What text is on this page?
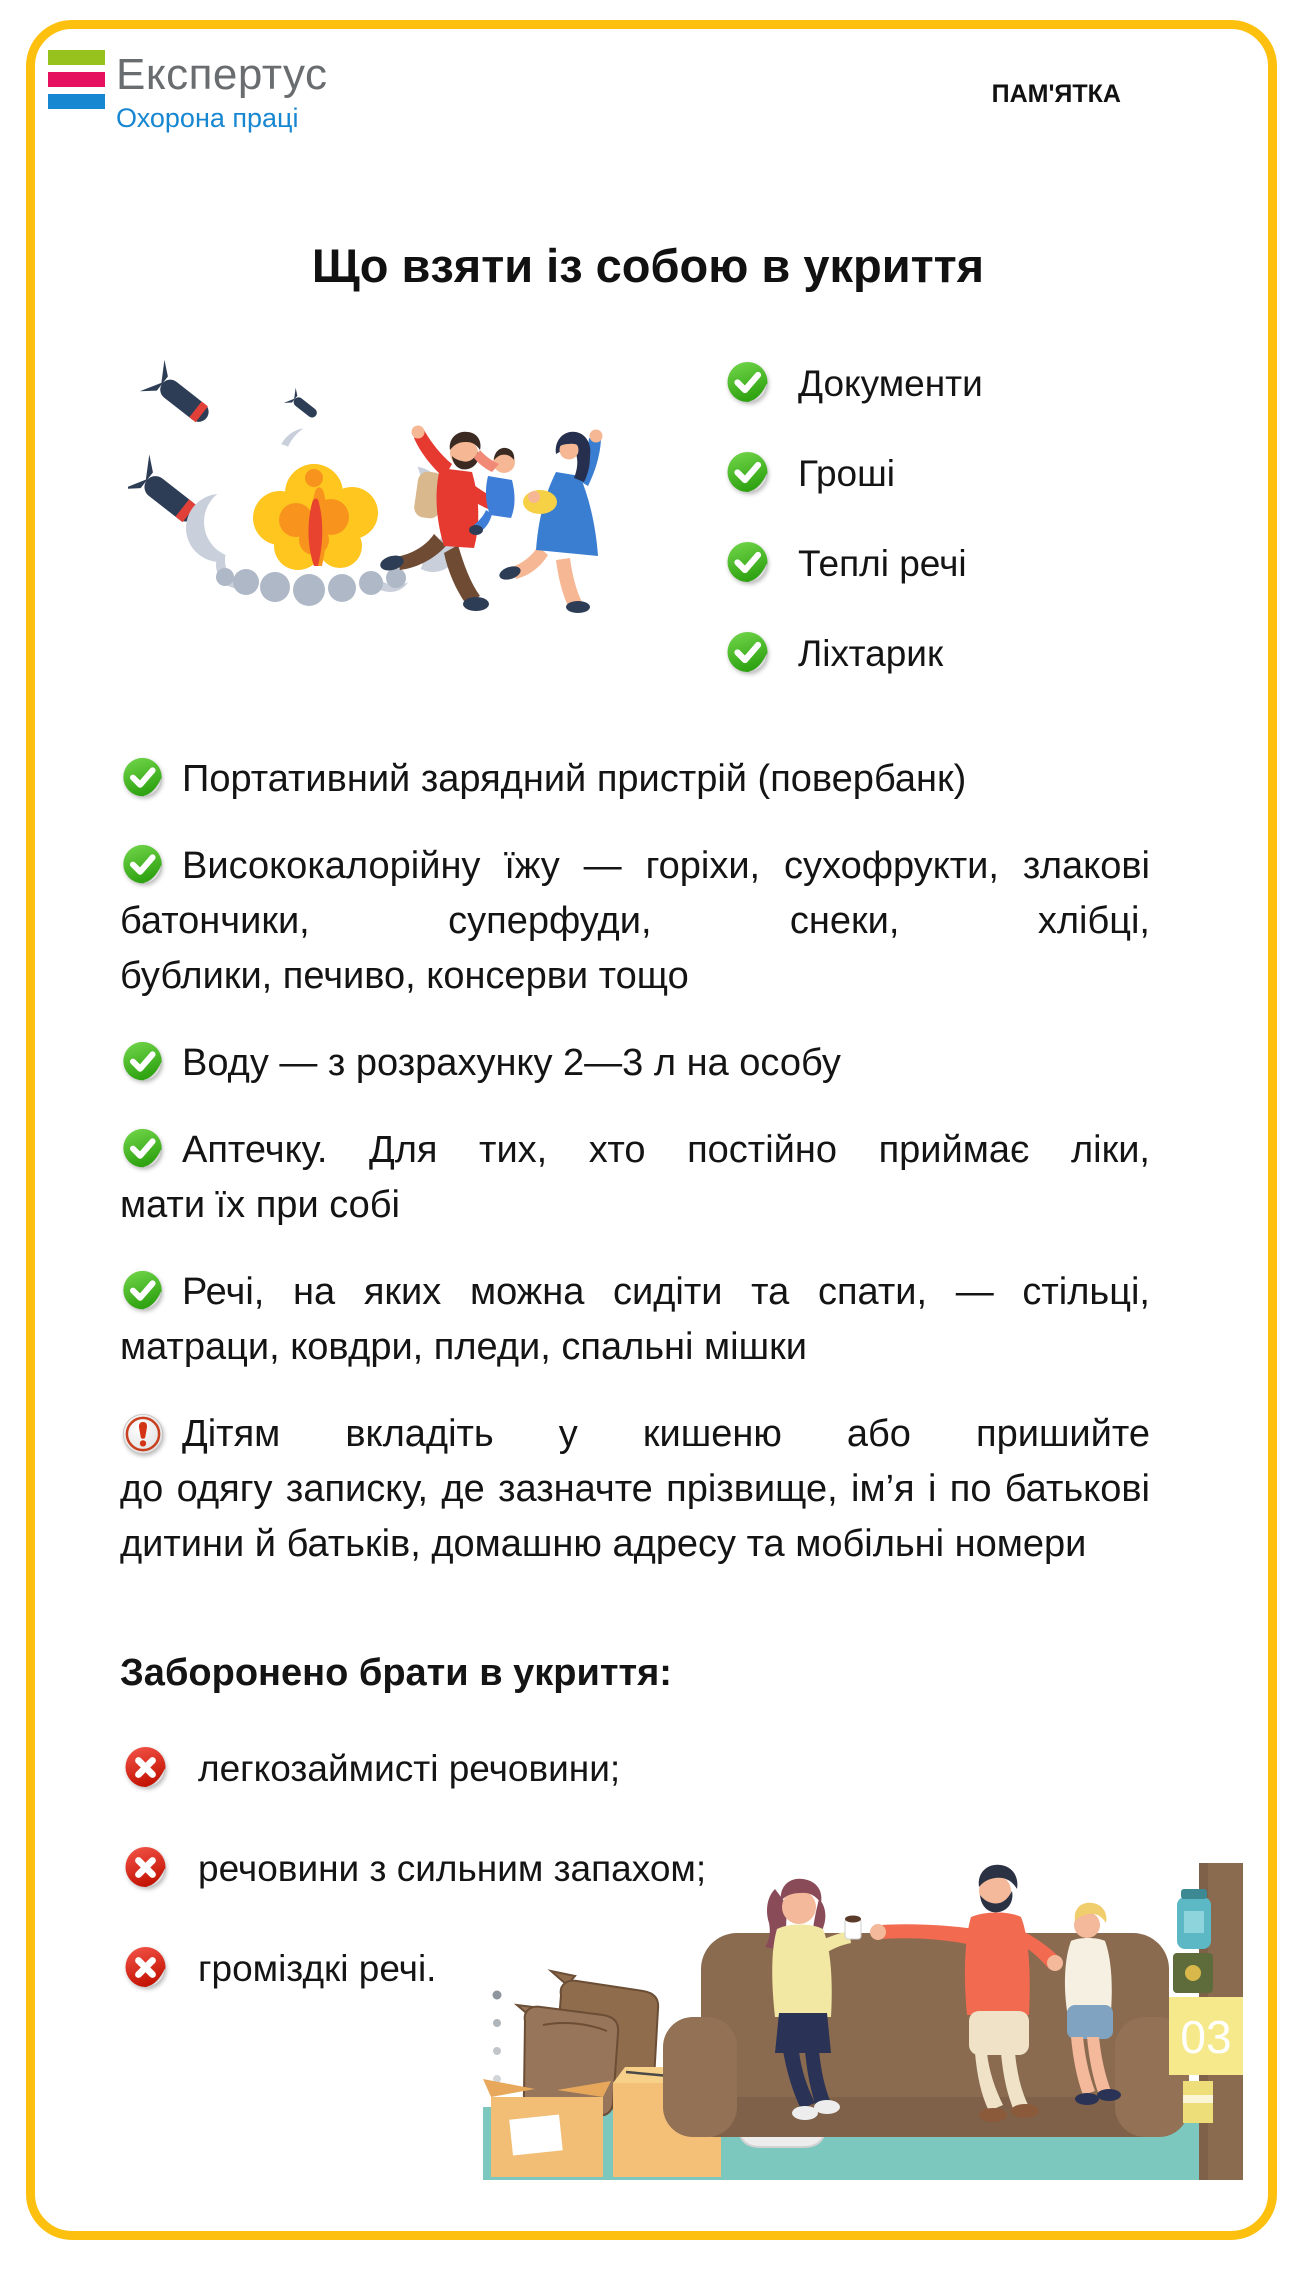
Експертус
Охорона праці
ПАМ'ЯТКА
Що взяти із собою в укриття
Документи
Гроші
Теплі речі
Ліхтарик

Портативний зарядний пристрій (повербанк)

Висококалорійну їжу — горіхи, сухофрукти, злакові батончики, суперфуди, снеки, хлібці, бублики, печиво, консерви тощо

Воду — з розрахунку 2—3 л на особу

Аптечку. Для тих, хто постійно приймає ліки, мати їх при собі

Речі, на яких можна сидіти та спати, — стільці, матраци, ковдри, пледи, спальні мішки

Дітям вкладіть у кишеню або пришийте до одягу записку, де зазначте прізвище, ім’я і по батькові дитини й батьків, домашню адресу та мобільні номери

Заборонено брати в укриття:
легкозаймисті речовини;
речовини з сильним запахом;
громіздкі речі.
03
